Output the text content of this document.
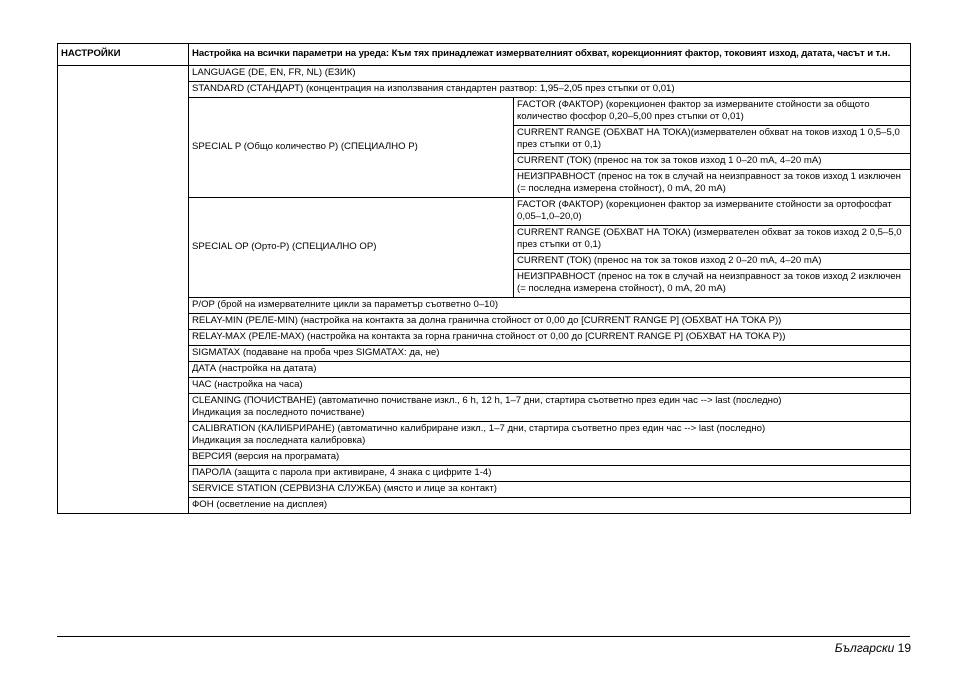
НАСТРОЙКИ	Настройка на всички параметри на уреда: Към тях принадлежат измервателният обхват, корекционният фактор, токовият изход, датата, часът и т.н.	
	LANGUAGE (DE, EN, FR, NL) (ЕЗИК)	
	STANDARD (СТАНДАРТ) (концентрация на използвания стандартен разтвор: 1,95–2,05 през стъпки от 0,01)	
	SPECIAL P (Общо количество P) (СПЕЦИАЛНО P)	FACTOR (ФАКТОР) (корекционен фактор за измерваните стойности за общото количество фосфор 0,20–5,00 през стъпки от 0,01)
		CURRENT RANGE (ОБХВАТ НА ТОКА)(измервателен обхват на токов изход 1 0,5–5,0 през стъпки от 0,1)
		CURRENT (ТОК) (пренос на ток за токов изход 1 0–20 mA, 4–20 mA)
		НЕИЗПРАВНОСТ (пренос на ток в случай на неизправност за токов изход 1 изключен (= последна измерена стойност), 0 mA, 20 mA)
	SPECIAL OP (Орто-P) (СПЕЦИАЛНО OP)	FACTOR (ФАКТОР) (корекционен фактор за измерваните стойности за ортофосфат 0,05–1,0–20,0)
		CURRENT RANGE (ОБХВАТ НА ТОКА) (измервателен обхват за токов изход 2 0,5–5,0 през стъпки от 0,1)
		CURRENT (ТОК) (пренос на ток за токов изход 2 0–20 mA, 4–20 mA)
		НЕИЗПРАВНОСТ (пренос на ток в случай на неизправност за токов изход 2 изключен (= последна измерена стойност), 0 mA, 20 mA)
	P/OP (брой на измервателните цикли за параметър съответно 0–10)	
	RELAY-MIN (РЕЛЕ-MIN) (настройка на контакта за долна гранична стойност от 0,00 до [CURRENT RANGE P] (ОБХВАТ НА ТОКА P))	
	RELAY-MAX (РЕЛЕ-MAX) (настройка на контакта за горна гранична стойност от 0,00 до [CURRENT RANGE P] (ОБХВАТ НА ТОКА P))	
	SIGMATAX (подаване на проба чрез SIGMATAX: да, не)	
	ДАТА (настройка на датата)	
	ЧАС (настройка на часа)	
	CLEANING (ПОЧИСТВАНЕ) (автоматично почистване изкл., 6 h, 12 h, 1–7 дни, стартира съответно през един час --> last (последно) Индикация за последното почистване)	
	CALIBRATION (КАЛИБРИРАНЕ) (автоматично калибриране изкл., 1–7 дни, стартира съответно през един час --> last (последно) Индикация за последната калибровка)	
	ВЕРСИЯ (версия на програмата)	
	ПАРОЛА (защита с парола при активиране, 4 знака с цифрите 1-4)	
	SERVICE STATION (СЕРВИЗНА СЛУЖБА) (място и лице за контакт)	
	ФОН (осветление на дисплея)	
Български 19
